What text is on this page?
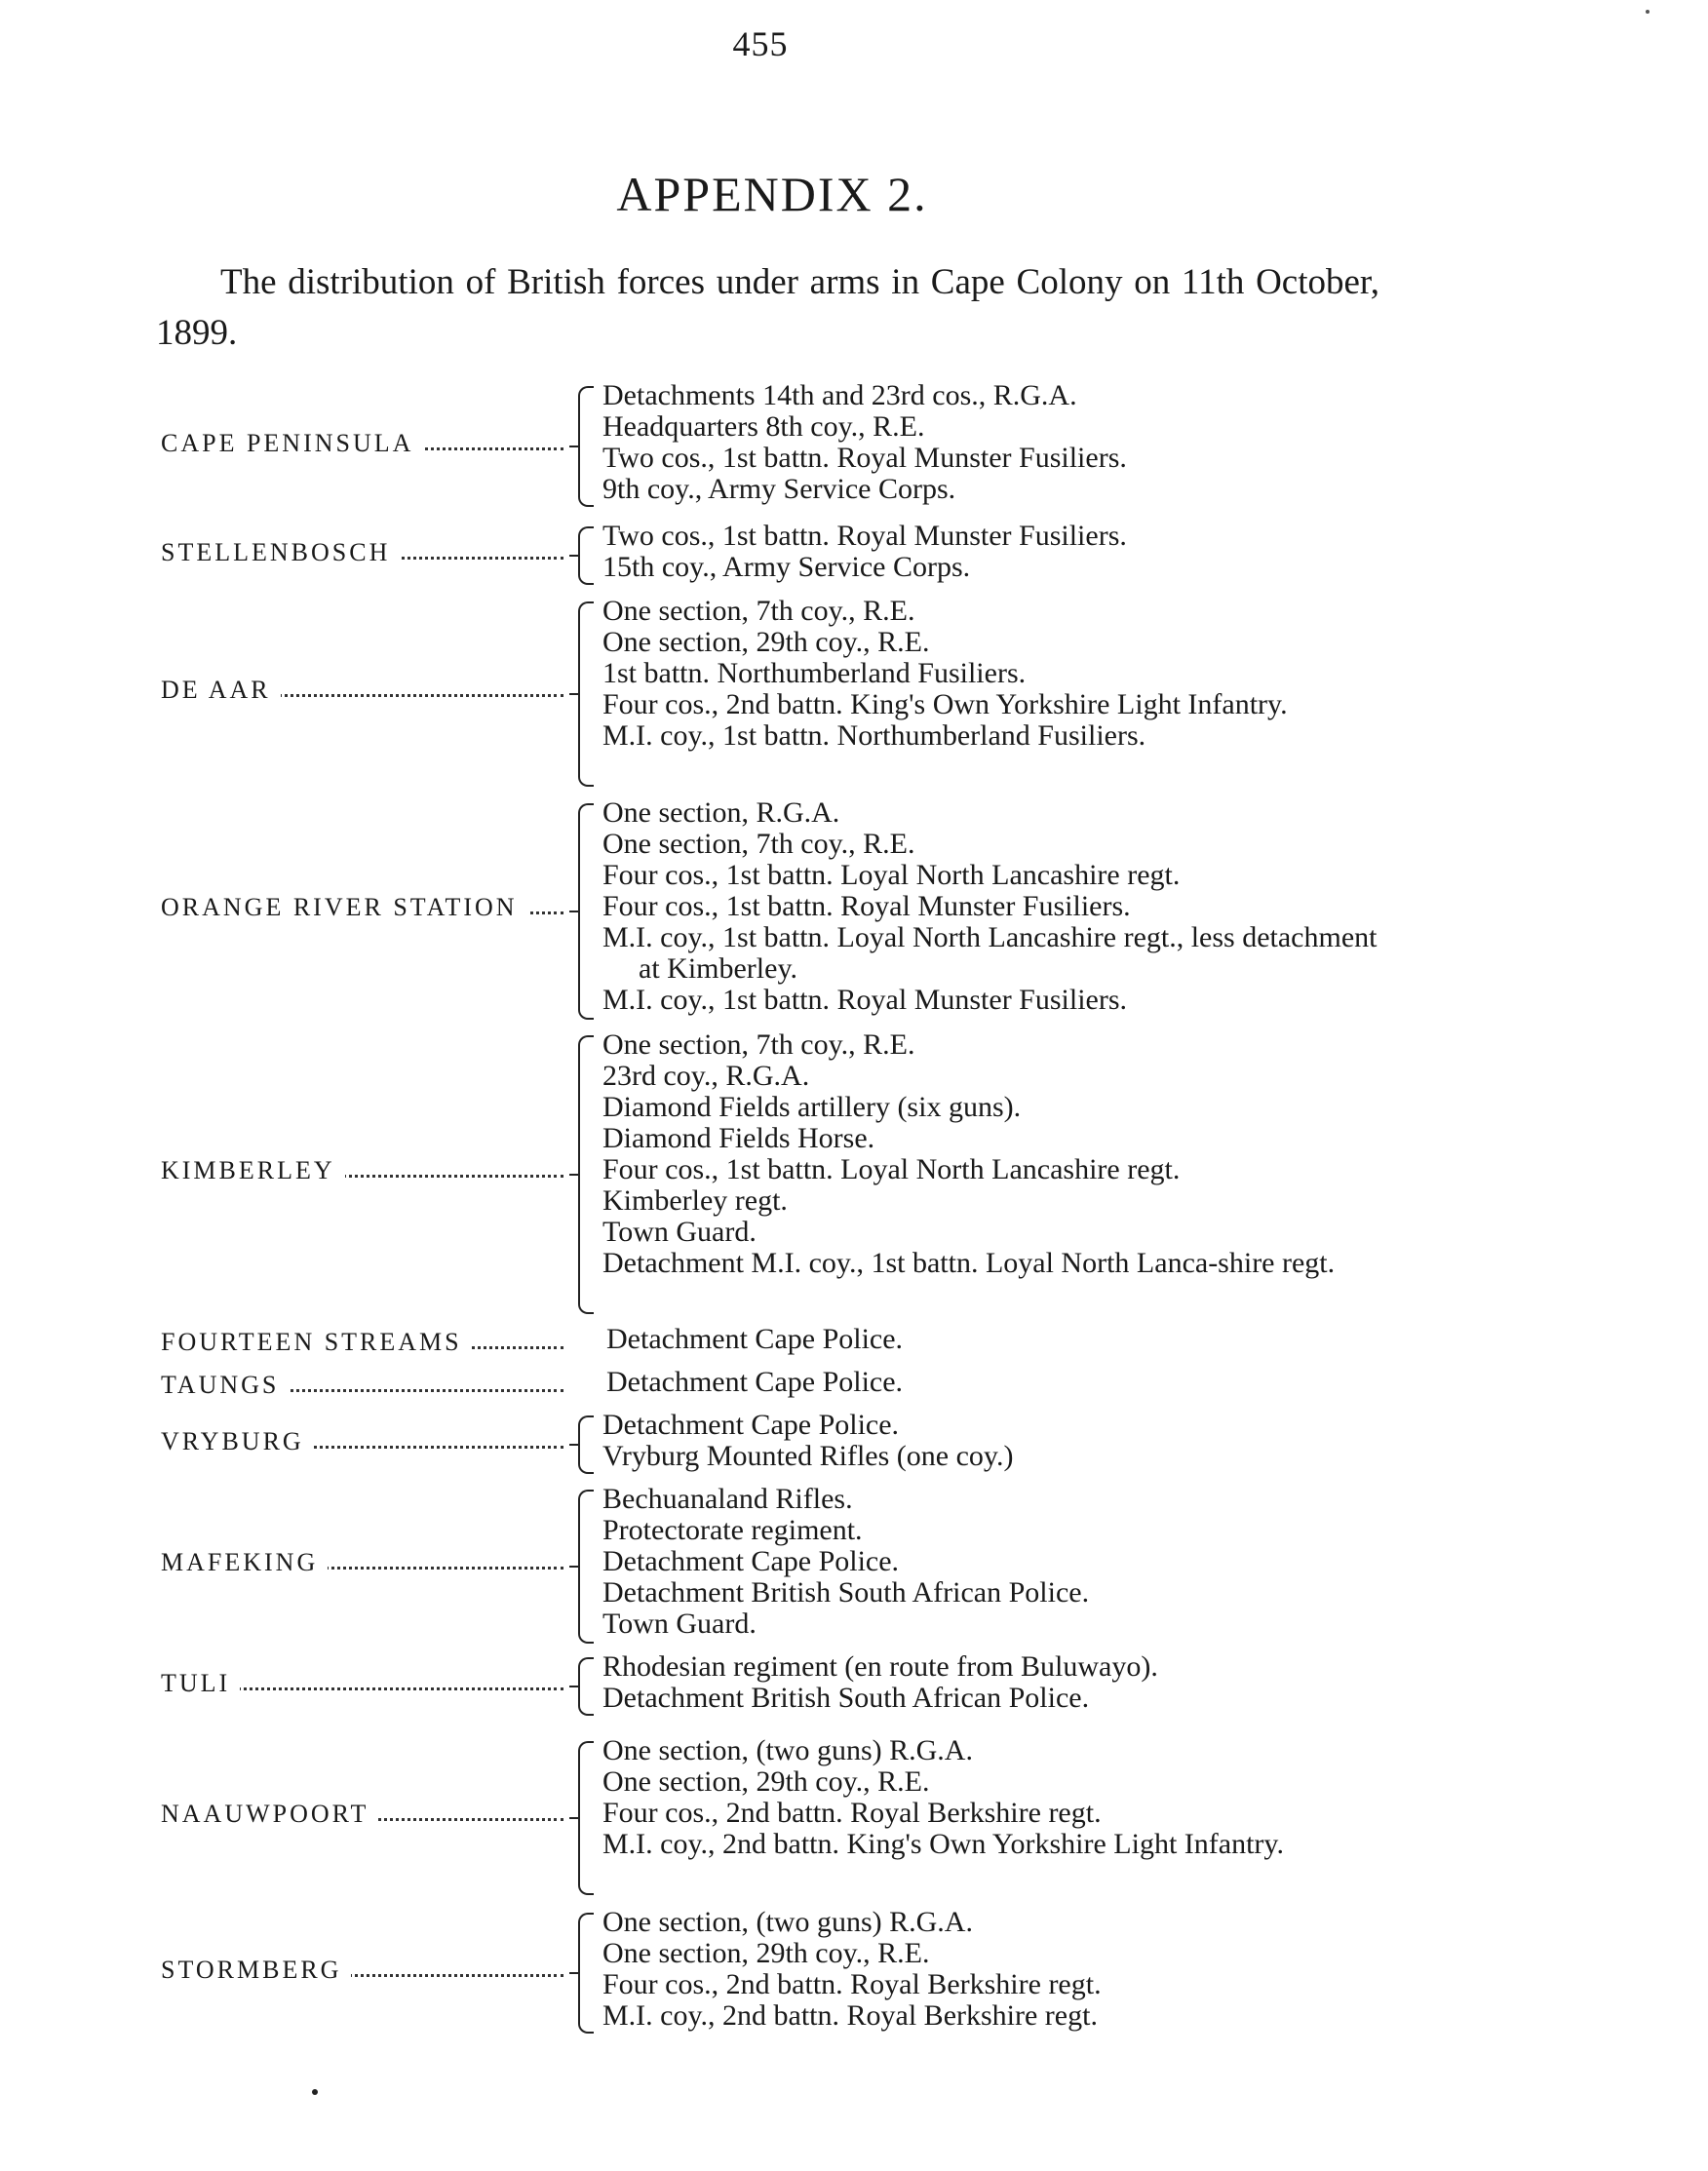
455
APPENDIX 2.

The distribution of British forces under arms in Cape Colony on 11th October, 1899.

CAPE PENINSULA
Detachments 14th and 23rd cos., R.G.A.
Headquarters 8th coy., R.E.
Two cos., 1st battn. Royal Munster Fusiliers.
9th coy., Army Service Corps.
STELLENBOSCH
Two cos., 1st battn. Royal Munster Fusiliers.
15th coy., Army Service Corps.
DE AAR
One section, 7th coy., R.E.
One section, 29th coy., R.E.
1st battn. Northumberland Fusiliers.
Four cos., 2nd battn. King's Own Yorkshire Light Infantry.
M.I. coy., 1st battn. Northumberland Fusiliers.
ORANGE RIVER STATION
One section, R.G.A.
One section, 7th coy., R.E.
Four cos., 1st battn. Loyal North Lancashire regt.
Four cos., 1st battn. Royal Munster Fusiliers.
M.I. coy., 1st battn. Loyal North Lancashire regt., less detachment at Kimberley.
M.I. coy., 1st battn. Royal Munster Fusiliers.
KIMBERLEY
One section, 7th coy., R.E.
23rd coy., R.G.A.
Diamond Fields artillery (six guns).
Diamond Fields Horse.
Four cos., 1st battn. Loyal North Lancashire regt.
Kimberley regt.
Town Guard.
Detachment M.I. coy., 1st battn. Loyal North Lanca-shire regt.
FOURTEEN STREAMS	Detachment Cape Police.
TAUNGS	Detachment Cape Police.
VRYBURG
Detachment Cape Police.
Vryburg Mounted Rifles (one coy.)
MAFEKING
Bechuanaland Rifles.
Protectorate regiment.
Detachment Cape Police.
Detachment British South African Police.
Town Guard.
TULI
Rhodesian regiment (en route from Buluwayo).
Detachment British South African Police.
NAAUWPOORT
One section, (two guns) R.G.A.
One section, 29th coy., R.E.
Four cos., 2nd battn. Royal Berkshire regt.
M.I. coy., 2nd battn. King's Own Yorkshire Light Infantry.
STORMBERG
One section, (two guns) R.G.A.
One section, 29th coy., R.E.
Four cos., 2nd battn. Royal Berkshire regt.
M.I. coy., 2nd battn. Royal Berkshire regt.
